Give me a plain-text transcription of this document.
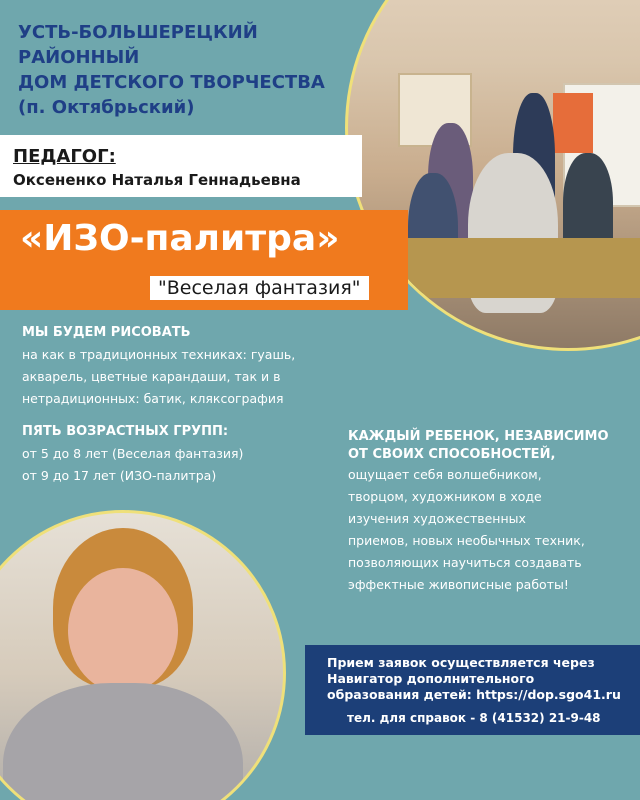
УСТЬ-БОЛЬШЕРЕЦКИЙ РАЙОННЫЙ
ДОМ ДЕТСКОГО ТВОРЧЕСТВА
(п. Октябрьский)
ПЕДАГОГ:
Оксененко Наталья Геннадьевна
«ИЗО-палитра»
"Веселая фантазия"
МЫ БУДЕМ РИСОВАТЬ
на как в традиционных техниках: гуашь,
акварель, цветные карандаши, так и в
нетрадиционных: батик, кляксография
ПЯТЬ ВОЗРАСТНЫХ ГРУПП:
от 5 до 8 лет (Веселая фантазия)
от 9 до 17 лет (ИЗО-палитра)
КАЖДЫЙ РЕБЕНОК, НЕЗАВИСИМО
ОТ СВОИХ СПОСОБНОСТЕЙ,
ощущает себя волшебником,
творцом, художником в ходе
изучения художественных
приемов, новых необычных техник,
позволяющих научиться создавать
эффектные живописные работы!
Прием заявок осуществляется через
Навигатор дополнительного
образования детей: https://dop.sgo41.ru
тел. для справок - 8 (41532) 21-9-48
